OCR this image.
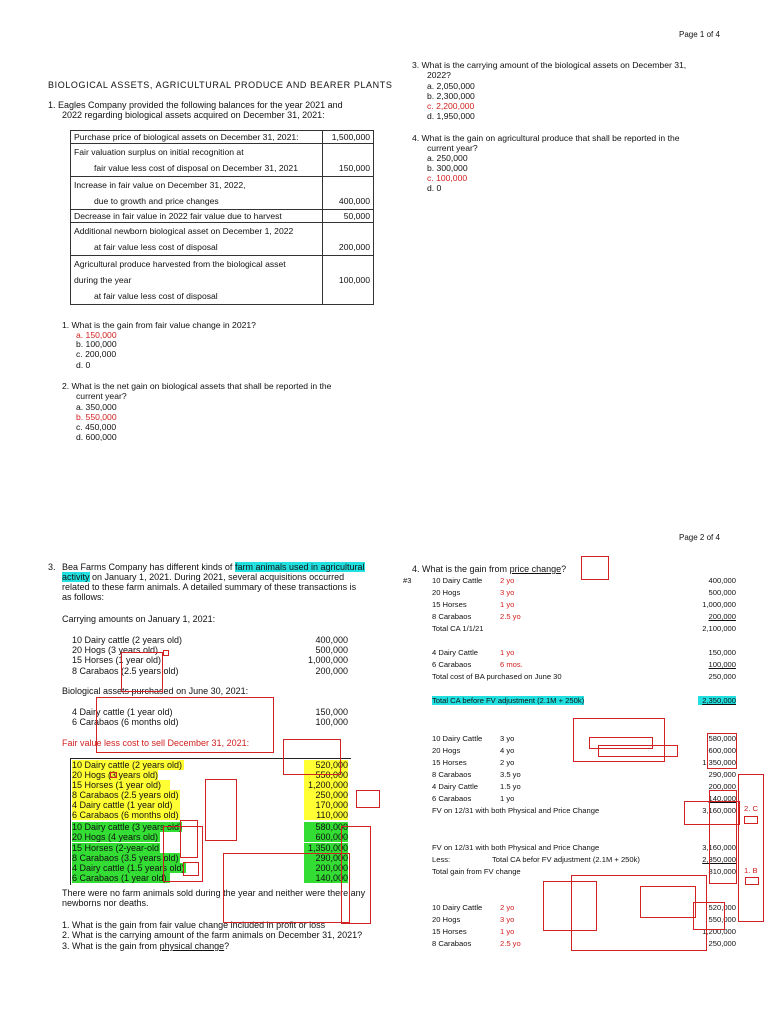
Page 1 of 4
BIOLOGICAL ASSETS, AGRICULTURAL PRODUCE AND BEARER PLANTS
1. Eagles Company provided the following balances for the year 2021 and
2022 regarding biological assets acquired on December 31, 2021:
Purchase price of biological assets on December 31, 2021:	1,500,000

Fair valuation surplus on initial recognition at
fair value less cost of disposal on December 31, 2021	150,000

Increase in fair value on December 31, 2022,
due to growth and price changes	400,000
Decrease in fair value in 2022 fair value due to harvest	50,000

Additional newborn biological asset on December 1, 2022
at fair value less cost of disposal	200,000

Agricultural produce harvested from the biological asset
during the year
at fair value less cost of disposal	100,000
1. What is the gain from fair value change in 2021?
a. 150,000
b. 100,000
c. 200,000
d. 0
2. What is the net gain on biological assets that shall be reported in the
current year?
a. 350,000
b. 550,000
c. 450,000
d. 600,000
3. What is the carrying amount of the biological assets on December 31,
2022?
a. 2,050,000
b. 2,300,000
c. 2,200,000
d. 1,950,000
4. What is the gain on agricultural produce that shall be reported in the
current year?
a. 250,000
b. 300,000
c. 100,000
d. 0
Page 2 of 4
3. Bea Farms Company has different kinds of farm animals used in agricultural
activity on January 1, 2021. During 2021, several acquisitions occurred
related to these farm animals. A detailed summary of these transactions is
as follows:
Carrying amounts on January 1, 2021:
10 Dairy cattle (2 years old)	400,000
20 Hogs (3 years old)	500,000
15 Horses (1 year old)	1,000,000
8 Carabaos (2.5 years old)	200,000
Biological assets purchased on June 30, 2021:
4 Dairy cattle (1 year old)	150,000
6 Carabaos (6 months old)	100,000
Fair value less cost to sell December 31, 2021:
10 Dairy cattle (2 years old)	520,000
20 Hogs (3 years old)	550,000
15 Horses (1 year old)	1,200,000
8 Carabaos (2.5 years old)	250,000
4 Dairy cattle (1 year old)	170,000
6 Carabaos (6 months old)	110,000
10 Dairy cattle (3 years old)	580,000
20 Hogs (4 years old)	600,000
15 Horses (2-year-old	1,350,000
8 Carabaos (3.5 years old)	290,000
4 Dairy cattle (1.5 years old)	200,000
6 Carabaos (1 year old)	140,000
There were no farm animals sold during the year and neither were there any
newborns nor deaths.
1. What is the gain from fair value change included in profit or loss
2. What is the carrying amount of the farm animals on December 31, 2021?
3. What is the gain from physical change?
4. What is the gain from price change?
#3	10 Dairy Cattle 2 yo	400,000
20 Hogs	3 yo	500,000
15 Horses	1 yo	1,000,000
8 Carabaos	2.5 yo	200,000
Total CA 1/1/21	2,100,000
4 Dairy Cattle	1 yo	150,000
6 Carabaos	6 mos.	100,000
Total cost of BA purchased on June 30	250,000
Total CA before FV adjustment (2.1M + 250k)	2,350,000
10 Dairy Cattle 3 yo	580,000
20 Hogs	4 yo	600,000
15 Horses	2 yo	1,350,000
8 Carabaos	3.5 yo	290,000
4 Dairy Cattle	1.5 yo	200,000
6 Carabaos	1 yo	140,000
FV on 12/31 with both Physical and Price Change	3,160,000 2. C
FV on 12/31 with both Physical and Price Change	3,160,000
Less:	Total CA befor FV adjustment (2.1M + 250k)	2,350,000
Total gain from FV change	810,000 1. B
10 Dairy Cattle 2 yo	520,000
20 Hogs	3 yo	550,000
15 Horses	1 yo	1,200,000
8 Carabaos	2.5 yo	250,000
